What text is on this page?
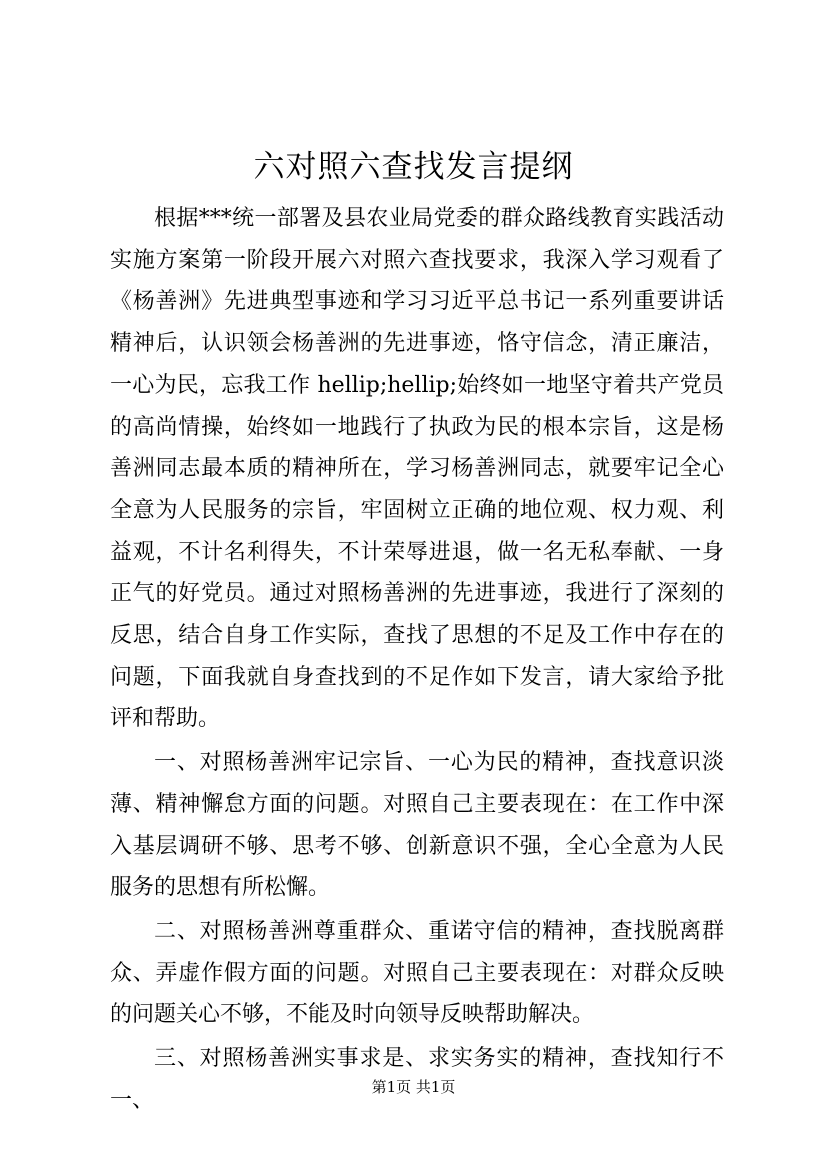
六对照六查找发言提纲

根据***统一部署及县农业局党委的群众路线教育实践活动实施方案第一阶段开展六对照六查找要求，我深入学习观看了《杨善洲》先进典型事迹和学习习近平总书记一系列重要讲话精神后，认识领会杨善洲的先进事迹，恪守信念，清正廉洁，一心为民，忘我工作 hellip;hellip;始终如一地坚守着共产党员的高尚情操，始终如一地践行了执政为民的根本宗旨，这是杨善洲同志最本质的精神所在，学习杨善洲同志，就要牢记全心全意为人民服务的宗旨，牢固树立正确的地位观、权力观、利益观，不计名利得失，不计荣辱进退，做一名无私奉献、一身正气的好党员。通过对照杨善洲的先进事迹，我进行了深刻的反思，结合自身工作实际，查找了思想的不足及工作中存在的问题，下面我就自身查找到的不足作如下发言，请大家给予批评和帮助。

一、对照杨善洲牢记宗旨、一心为民的精神，查找意识淡薄、精神懈怠方面的问题。对照自己主要表现在：在工作中深入基层调研不够、思考不够、创新意识不强，全心全意为人民服务的思想有所松懈。

二、对照杨善洲尊重群众、重诺守信的精神，查找脱离群众、弄虚作假方面的问题。对照自己主要表现在：对群众反映的问题关心不够，不能及时向领导反映帮助解决。

三、对照杨善洲实事求是、求实务实的精神，查找知行不一、

第1页 共1页
